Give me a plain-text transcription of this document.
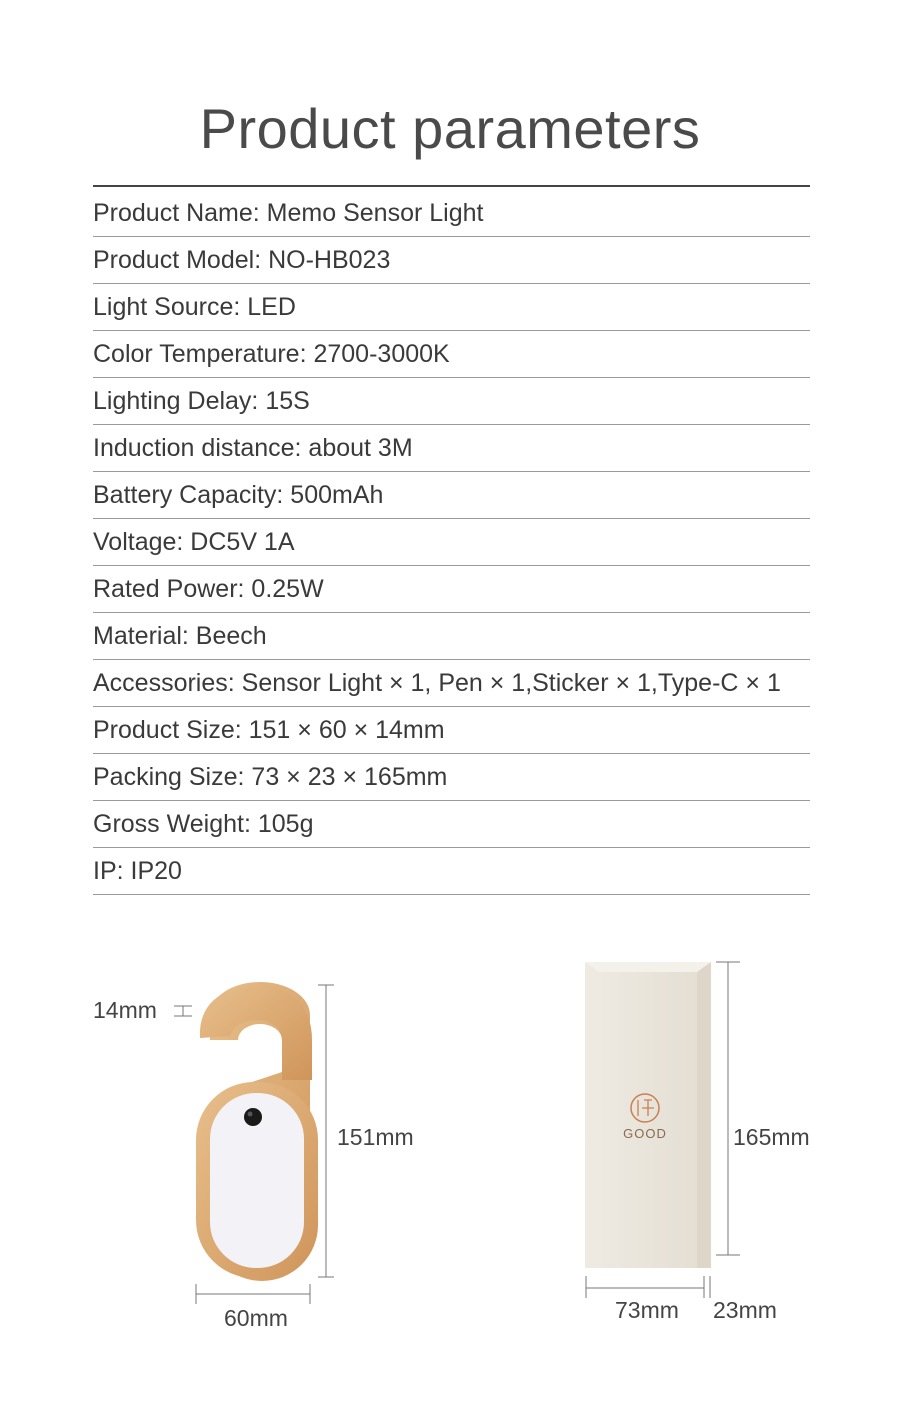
Product parameters
Product Name: Memo Sensor Light
Product Model: NO-HB023
Light Source: LED
Color Temperature: 2700-3000K
Lighting Delay: 15S
Induction distance: about 3M
Battery Capacity: 500mAh
Voltage: DC5V 1A
Rated Power: 0.25W
Material: Beech
Accessories: Sensor Light × 1, Pen × 1,Sticker × 1,Type-C × 1
Product Size: 151 × 60 × 14mm
Packing Size: 73 × 23 × 165mm
Gross Weight: 105g
IP: IP20
GOOD
14mm
151mm
60mm
165mm
73mm 23mm
